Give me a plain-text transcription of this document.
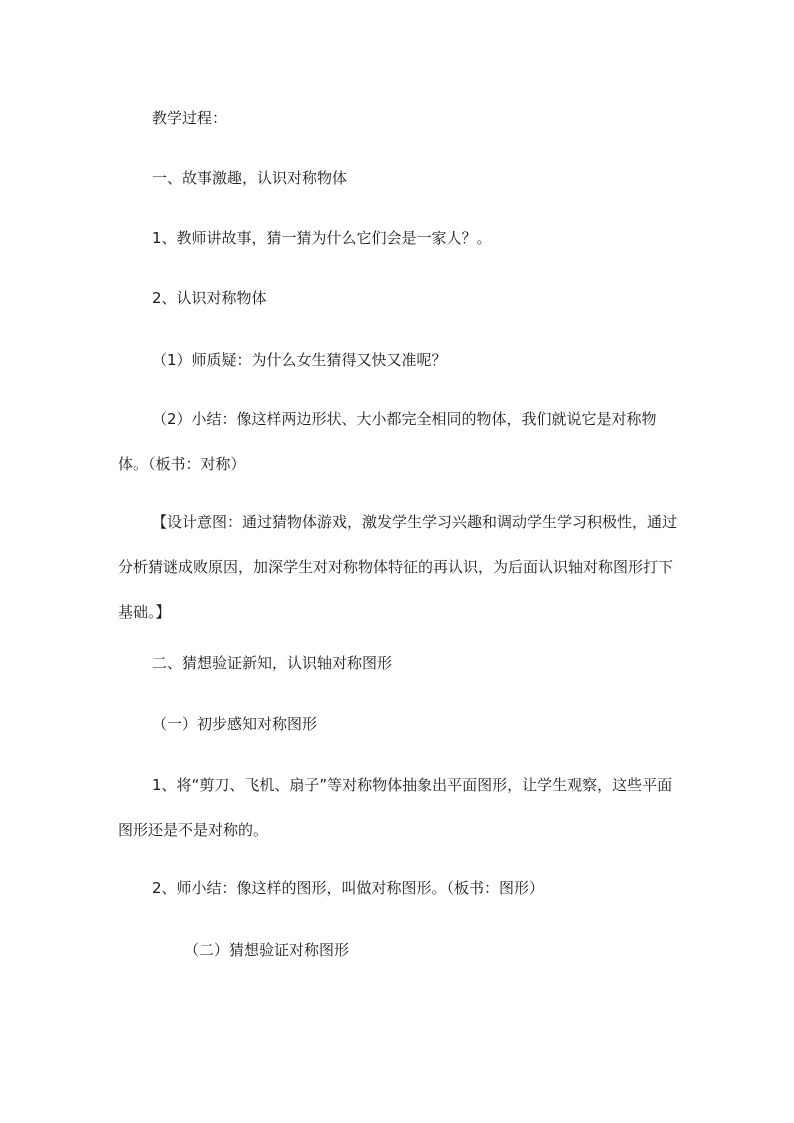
教学过程：

一、故事激趣，认识对称物体

1、教师讲故事，猜一猜为什么它们会是一家人？。

2、认识对称物体

（1）师质疑：为什么女生猜得又快又准呢？

（2）小结：像这样两边形状、大小都完全相同的物体，我们就说它是对称物体。（板书：对称）

【设计意图：通过猜物体游戏，激发学生学习兴趣和调动学生学习积极性，通过分析猜谜成败原因，加深学生对对称物体特征的再认识，为后面认识轴对称图形打下基础。】

二、猜想验证新知，认识轴对称图形

（一）初步感知对称图形

1、将“剪刀、飞机、扇子”等对称物体抽象出平面图形，让学生观察，这些平面图形还是不是对称的。

2、师小结：像这样的图形，叫做对称图形。（板书：图形）

（二）猜想验证对称图形
